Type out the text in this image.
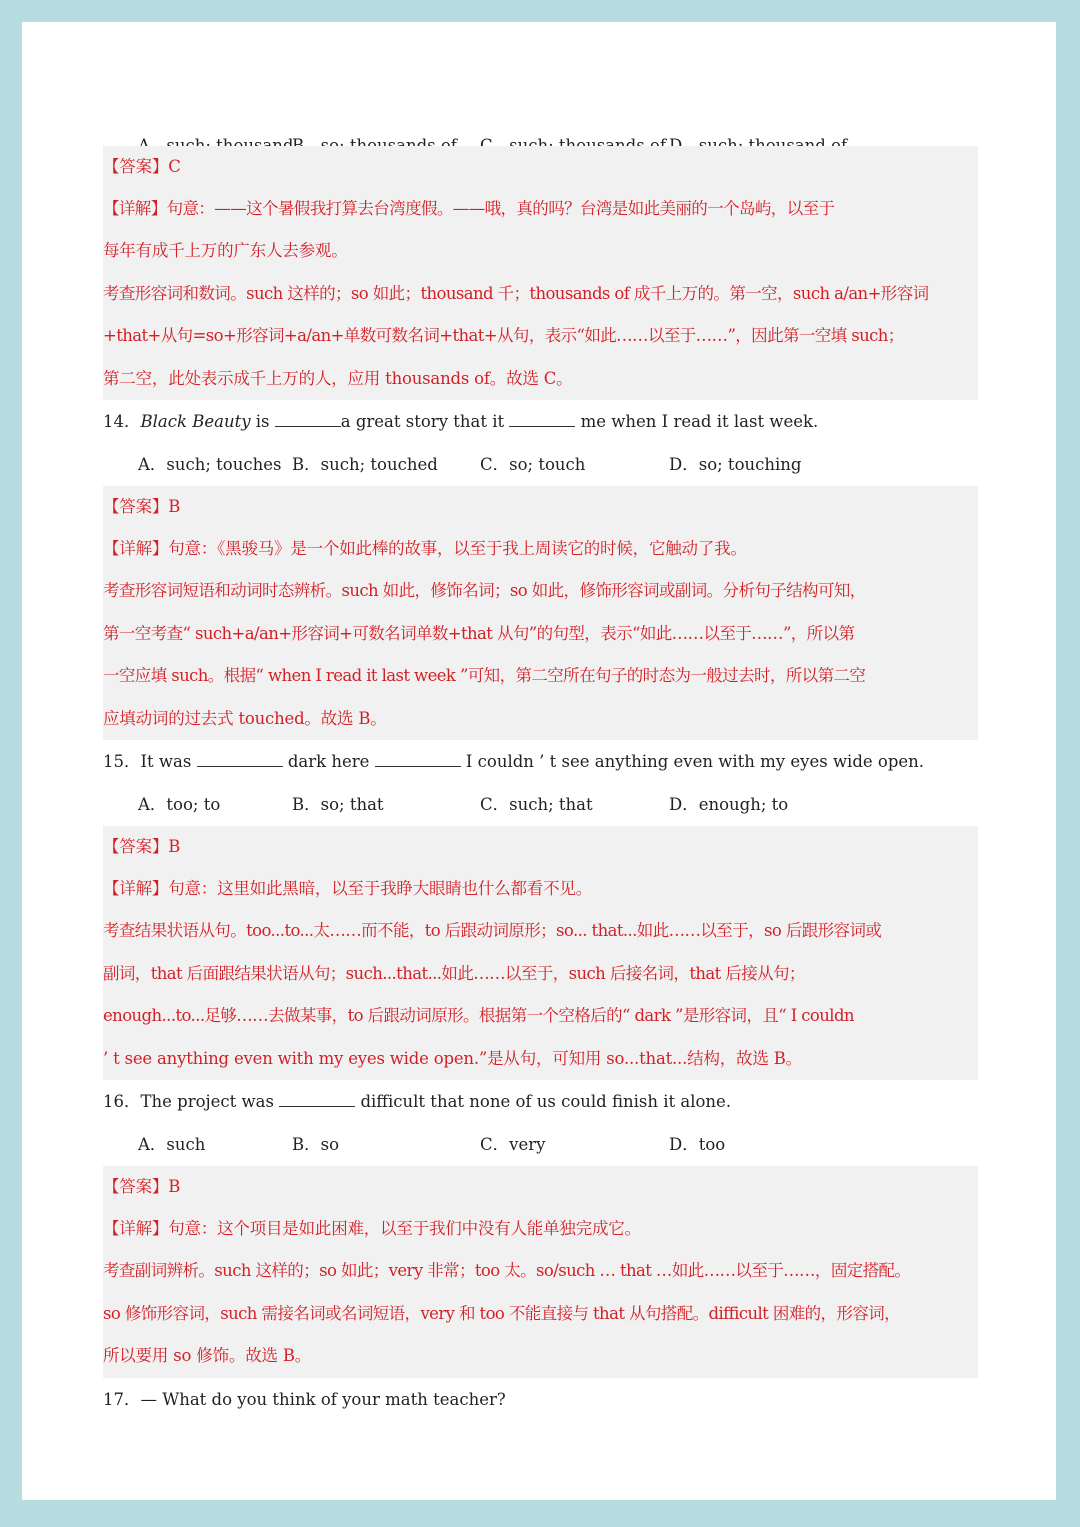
【答案】C
【详解】句意：——这个暑假我打算去台湾度假。——哦，真的吗？台湾是如此美丽的一个岛屿，以至于
每年有成千上万的广东人去参观。
考查形容词和数词。such 这样的；so 如此；thousand 千；thousands of 成千上万的。第一空，such a/an+形容词
+that+从句=so+形容词+a/an+单数可数名词+that+从句，表示“如此……以至于……”，因此第一空填 such；
第二空，此处表示成千上万的人，应用 thousands of。故选 C。
14．Black Beauty is	a great story that it	me when I read it last week.
A．such; touches B．such; touched	C．so; touch	D．so; touching
【答案】B
【详解】句意：《黑骏马》是一个如此棒的故事，以至于我上周读它的时候，它触动了我。
考查形容词短语和动词时态辨析。such 如此，修饰名词；so 如此，修饰形容词或副词。分析句子结构可知，
第一空考查“ such+a/an+形容词+可数名词单数+that 从句”的句型，表示“如此……以至于……”，所以第
一空应填 such。根据“ when I read it last week ”可知，第二空所在句子的时态为一般过去时，所以第二空
应填动词的过去式 touched。故选 B。
15．It was	dark here	I couldn ’ t see anything even with my eyes wide open.
A．too; to	B．so; that	C．such; that	D．enough; to
【答案】B
【详解】句意：这里如此黑暗，以至于我睁大眼睛也什么都看不见。
考查结果状语从句。too...to...太……而不能，to 后跟动词原形；so... that...如此……以至于，so 后跟形容词或
副词，that 后面跟结果状语从句；such...that...如此……以至于，such 后接名词，that 后接从句；
enough...to...足够……去做某事，to 后跟动词原形。根据第一个空格后的“ dark ”是形容词，且“ I couldn
’ t see anything even with my eyes wide open.”是从句，可知用 so...that...结构，故选 B。
16．The project was	difficult that none of us could finish it alone.
A．such	B．so	C．very	D．too
【答案】B
【详解】句意：这个项目是如此困难，以至于我们中没有人能单独完成它。
考查副词辨析。such 这样的；so 如此；very 非常；too 太。so/such … that …如此……以至于……，固定搭配。
so 修饰形容词，such 需接名词或名词短语，very 和 too 不能直接与 that 从句搭配。difficult 困难的，形容词，
所以要用 so 修饰。故选 B。
17．— What do you think of your math teacher?
